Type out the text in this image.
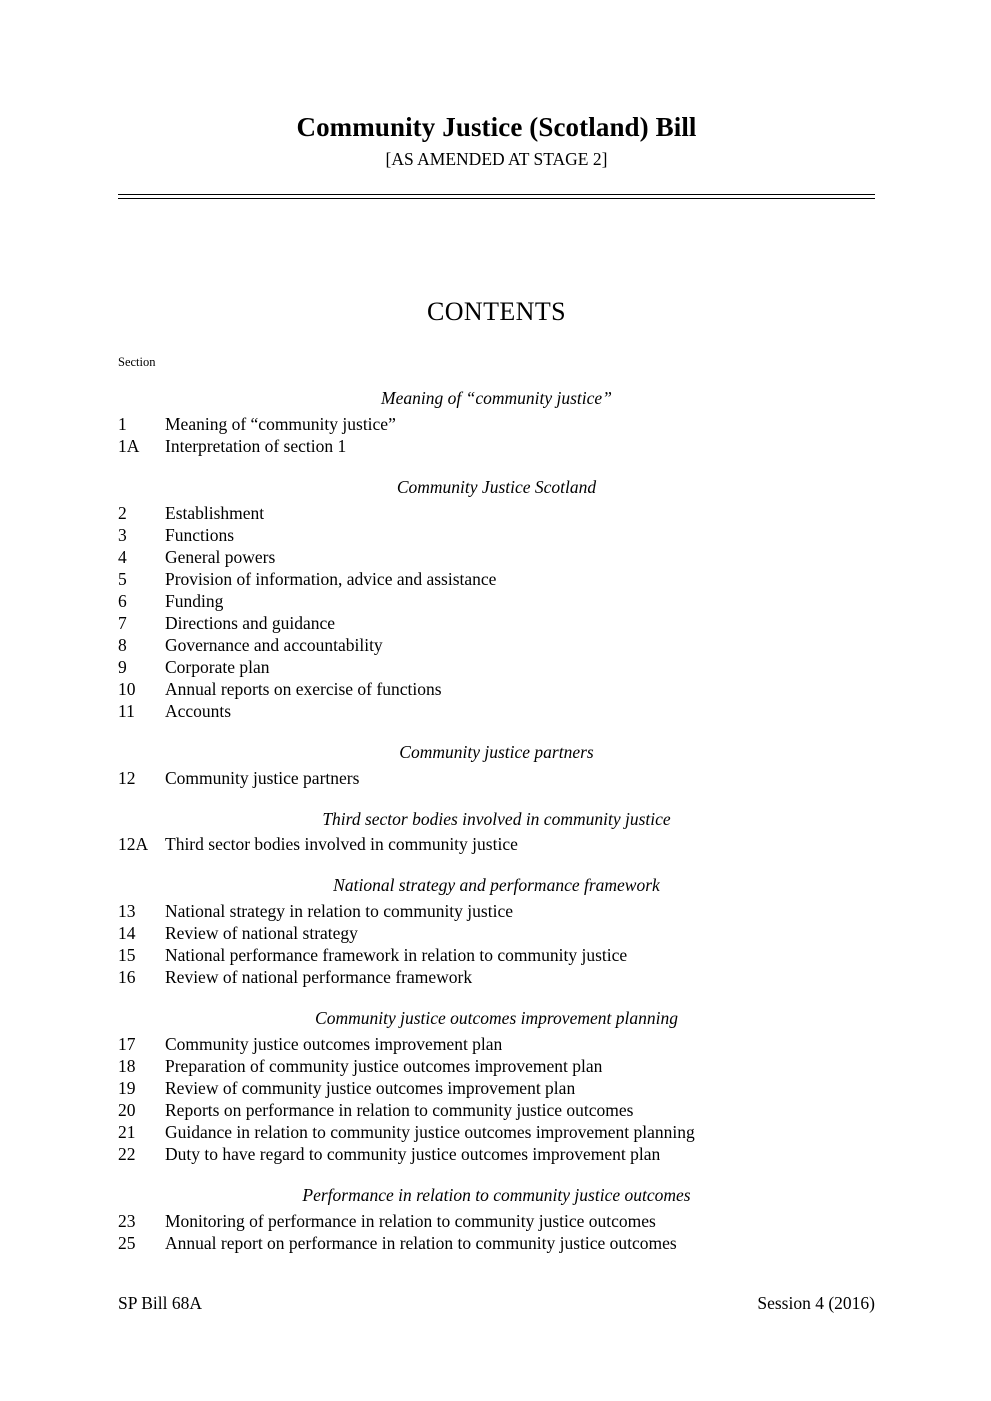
Community Justice (Scotland) Bill
[AS AMENDED AT STAGE 2]
CONTENTS
Section
Meaning of “community justice”
1	Meaning of “community justice”
1A	Interpretation of section 1
Community Justice Scotland
2	Establishment
3	Functions
4	General powers
5	Provision of information, advice and assistance
6	Funding
7	Directions and guidance
8	Governance and accountability
9	Corporate plan
10	Annual reports on exercise of functions
11	Accounts
Community justice partners
12	Community justice partners
Third sector bodies involved in community justice
12A Third sector bodies involved in community justice
National strategy and performance framework
13	National strategy in relation to community justice
14	Review of national strategy
15	National performance framework in relation to community justice
16	Review of national performance framework
Community justice outcomes improvement planning
17	Community justice outcomes improvement plan
18	Preparation of community justice outcomes improvement plan
19	Review of community justice outcomes improvement plan
20	Reports on performance in relation to community justice outcomes
21	Guidance in relation to community justice outcomes improvement planning
22	Duty to have regard to community justice outcomes improvement plan
Performance in relation to community justice outcomes
23	Monitoring of performance in relation to community justice outcomes
25	Annual report on performance in relation to community justice outcomes
SP Bill 68A	Session 4 (2016)
